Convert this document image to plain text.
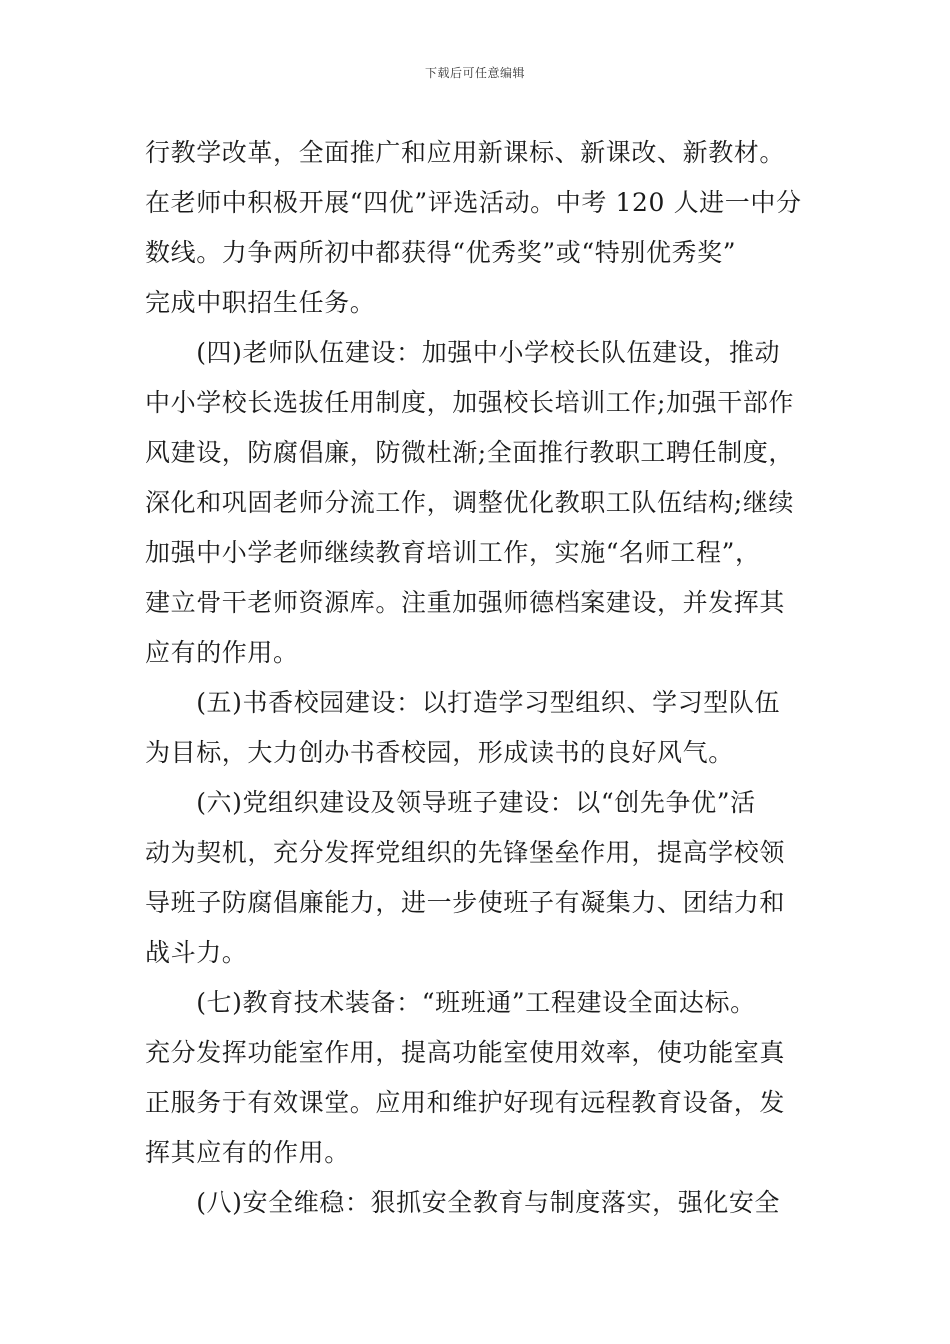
下载后可任意编辑
行教学改革，全面推广和应用新课标、新课改、新教材。
在老师中积极开展“四优”评选活动。中考 120 人进一中分
数线。力争两所初中都获得“优秀奖”或“特别优秀奖”
完成中职招生任务。
　　(四)老师队伍建设：加强中小学校长队伍建设，推动
中小学校长选拔任用制度，加强校长培训工作;加强干部作
风建设，防腐倡廉，防微杜渐;全面推行教职工聘任制度，
深化和巩固老师分流工作，调整优化教职工队伍结构;继续
加强中小学老师继续教育培训工作，实施“名师工程”，
建立骨干老师资源库。注重加强师德档案建设，并发挥其
应有的作用。
　　(五)书香校园建设：以打造学习型组织、学习型队伍
为目标，大力创办书香校园，形成读书的良好风气。
　　(六)党组织建设及领导班子建设：以“创先争优”活
动为契机，充分发挥党组织的先锋堡垒作用，提高学校领
导班子防腐倡廉能力，进一步使班子有凝集力、团结力和
战斗力。
　　(七)教育技术装备：“班班通”工程建设全面达标。
充分发挥功能室作用，提高功能室使用效率，使功能室真
正服务于有效课堂。应用和维护好现有远程教育设备，发
挥其应有的作用。
　　(八)安全维稳：狠抓安全教育与制度落实，强化安全
